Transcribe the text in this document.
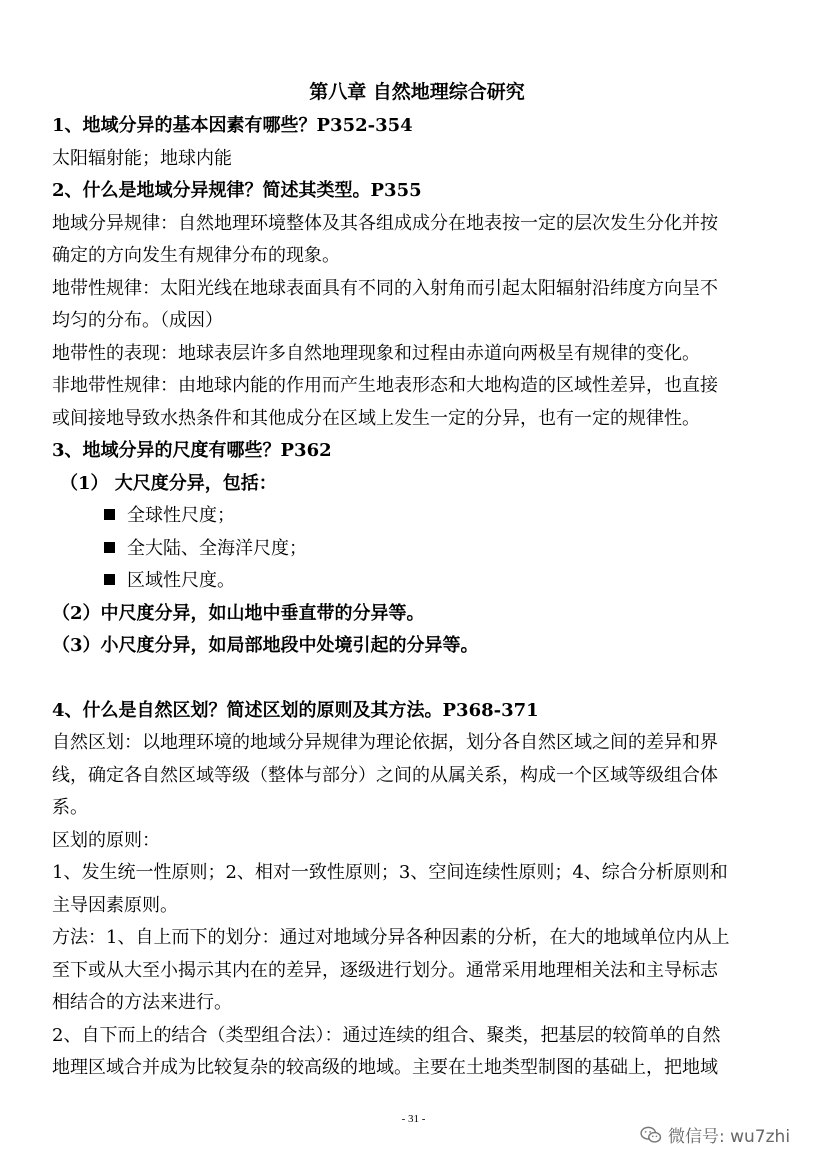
第八章 自然地理综合研究
1、地域分异的基本因素有哪些？P352-354
太阳辐射能；地球内能
2、什么是地域分异规律？简述其类型。P355
地域分异规律：自然地理环境整体及其各组成成分在地表按一定的层次发生分化并按
确定的方向发生有规律分布的现象。
地带性规律：太阳光线在地球表面具有不同的入射角而引起太阳辐射沿纬度方向呈不
均匀的分布。（成因）
地带性的表现：地球表层许多自然地理现象和过程由赤道向两极呈有规律的变化。
非地带性规律：由地球内能的作用而产生地表形态和大地构造的区域性差异，也直接
或间接地导致水热条件和其他成分在区域上发生一定的分异，也有一定的规律性。
3、地域分异的尺度有哪些？P362
（1） 大尺度分异，包括：
全球性尺度；
全大陆、全海洋尺度；
区域性尺度。
（2）中尺度分异，如山地中垂直带的分异等。
（3）小尺度分异，如局部地段中处境引起的分异等。
4、什么是自然区划？简述区划的原则及其方法。P368-371
自然区划：以地理环境的地域分异规律为理论依据，划分各自然区域之间的差异和界
线，确定各自然区域等级（整体与部分）之间的从属关系，构成一个区域等级组合体
系。
区划的原则：
1、发生统一性原则；2、相对一致性原则；3、空间连续性原则；4、综合分析原则和
主导因素原则。
方法：1、自上而下的划分：通过对地域分异各种因素的分析，在大的地域单位内从上
至下或从大至小揭示其内在的差异，逐级进行划分。通常采用地理相关法和主导标志
相结合的方法来进行。
2、自下而上的结合（类型组合法）：通过连续的组合、聚类，把基层的较简单的自然
地理区域合并成为比较复杂的较高级的地域。主要在土地类型制图的基础上，把地域
- 31 -
微信号: wu7zhi
